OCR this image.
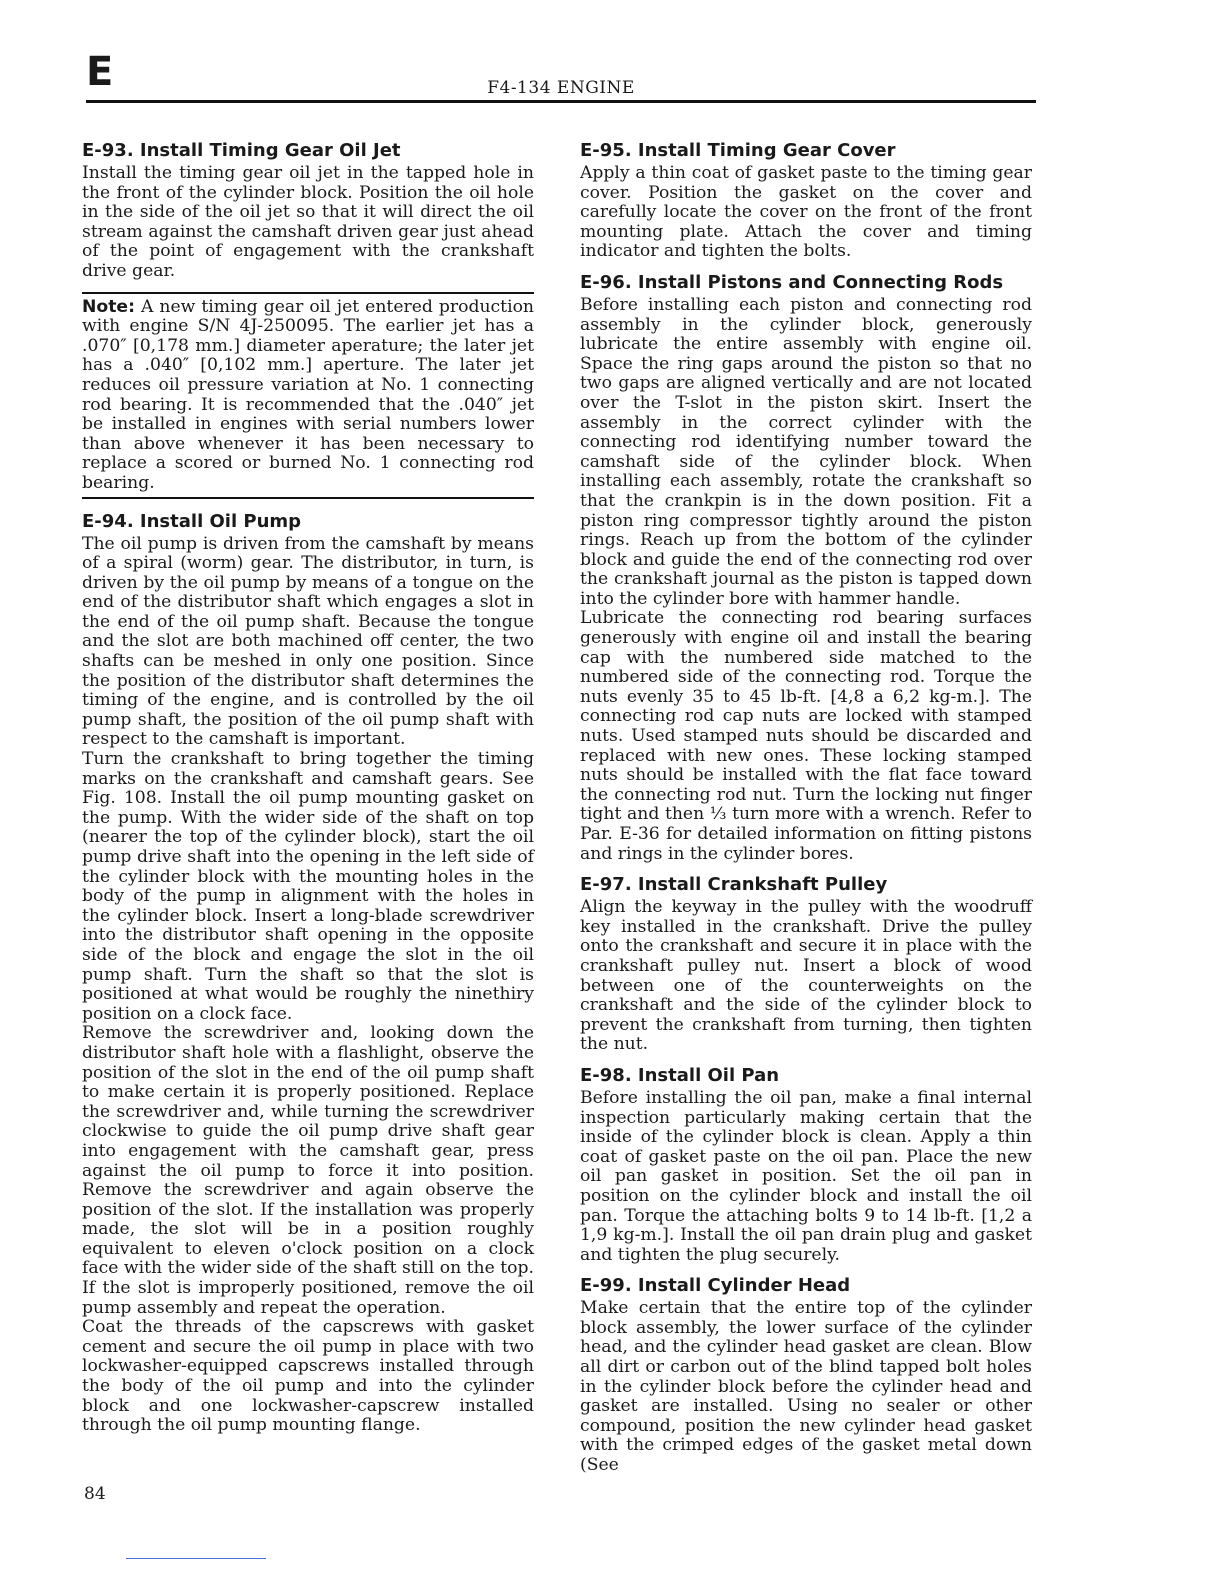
E	F4-134 ENGINE
E-93. Install Timing Gear Oil Jet

Install the timing gear oil jet in the tapped hole in the front of the cylinder block. Position the oil hole in the side of the oil jet so that it will direct the oil stream against the camshaft driven gear just ahead of the point of engagement with the crankshaft drive gear.

Note: A new timing gear oil jet entered production with engine S/N 4J-250095. The earlier jet has a .070″ [0,178 mm.] diameter aperature; the later jet has a .040″ [0,102 mm.] aperture. The later jet reduces oil pressure variation at No. 1 connecting rod bearing. It is recommended that the .040″ jet be installed in engines with serial numbers lower than above whenever it has been necessary to replace a scored or burned No. 1 connecting rod bearing.

E-94. Install Oil Pump

The oil pump is driven from the camshaft by means of a spiral (worm) gear. The distributor, in turn, is driven by the oil pump by means of a tongue on the end of the distributor shaft which engages a slot in the end of the oil pump shaft. Because the tongue and the slot are both machined off center, the two shafts can be meshed in only one position. Since the position of the distributor shaft determines the timing of the engine, and is controlled by the oil pump shaft, the position of the oil pump shaft with respect to the camshaft is important.

Turn the crankshaft to bring together the timing marks on the crankshaft and camshaft gears. See Fig. 108. Install the oil pump mounting gasket on the pump. With the wider side of the shaft on top (nearer the top of the cylinder block), start the oil pump drive shaft into the opening in the left side of the cylinder block with the mounting holes in the body of the pump in alignment with the holes in the cylinder block. Insert a long-blade screwdriver into the distributor shaft opening in the opposite side of the block and engage the slot in the oil pump shaft. Turn the shaft so that the slot is positioned at what would be roughly the ninethiry position on a clock face.

Remove the screwdriver and, looking down the distributor shaft hole with a flashlight, observe the position of the slot in the end of the oil pump shaft to make certain it is properly positioned. Replace the screwdriver and, while turning the screwdriver clockwise to guide the oil pump drive shaft gear into engagement with the camshaft gear, press against the oil pump to force it into position. Remove the screwdriver and again observe the position of the slot. If the installation was properly made, the slot will be in a position roughly equivalent to eleven o'clock position on a clock face with the wider side of the shaft still on the top. If the slot is improperly positioned, remove the oil pump assembly and repeat the operation.

Coat the threads of the capscrews with gasket cement and secure the oil pump in place with two lockwasher-equipped capscrews installed through the body of the oil pump and into the cylinder block and one lockwasher-capscrew installed through the oil pump mounting flange.

E-95. Install Timing Gear Cover

Apply a thin coat of gasket paste to the timing gear cover. Position the gasket on the cover and carefully locate the cover on the front of the front mounting plate. Attach the cover and timing indicator and tighten the bolts.

E-96. Install Pistons and Connecting Rods

Before installing each piston and connecting rod assembly in the cylinder block, generously lubricate the entire assembly with engine oil. Space the ring gaps around the piston so that no two gaps are aligned vertically and are not located over the T-slot in the piston skirt. Insert the assembly in the correct cylinder with the connecting rod identifying number toward the camshaft side of the cylinder block. When installing each assembly, rotate the crankshaft so that the crankpin is in the down position. Fit a piston ring compressor tightly around the piston rings. Reach up from the bottom of the cylinder block and guide the end of the connecting rod over the crankshaft journal as the piston is tapped down into the cylinder bore with hammer handle.

Lubricate the connecting rod bearing surfaces generously with engine oil and install the bearing cap with the numbered side matched to the numbered side of the connecting rod. Torque the nuts evenly 35 to 45 lb-ft. [4,8 a 6,2 kg-m.]. The connecting rod cap nuts are locked with stamped nuts. Used stamped nuts should be discarded and replaced with new ones. These locking stamped nuts should be installed with the flat face toward the connecting rod nut. Turn the locking nut finger tight and then ⅓ turn more with a wrench. Refer to Par. E-36 for detailed information on fitting pistons and rings in the cylinder bores.

E-97. Install Crankshaft Pulley

Align the keyway in the pulley with the woodruff key installed in the crankshaft. Drive the pulley onto the crankshaft and secure it in place with the crankshaft pulley nut. Insert a block of wood between one of the counterweights on the crankshaft and the side of the cylinder block to prevent the crankshaft from turning, then tighten the nut.

E-98. Install Oil Pan

Before installing the oil pan, make a final internal inspection particularly making certain that the inside of the cylinder block is clean. Apply a thin coat of gasket paste on the oil pan. Place the new oil pan gasket in position. Set the oil pan in position on the cylinder block and install the oil pan. Torque the attaching bolts 9 to 14 lb-ft. [1,2 a 1,9 kg-m.]. Install the oil pan drain plug and gasket and tighten the plug securely.

E-99. Install Cylinder Head

Make certain that the entire top of the cylinder block assembly, the lower surface of the cylinder head, and the cylinder head gasket are clean. Blow all dirt or carbon out of the blind tapped bolt holes in the cylinder block before the cylinder head and gasket are installed. Using no sealer or other compound, position the new cylinder head gasket with the crimped edges of the gasket metal down (See

84
